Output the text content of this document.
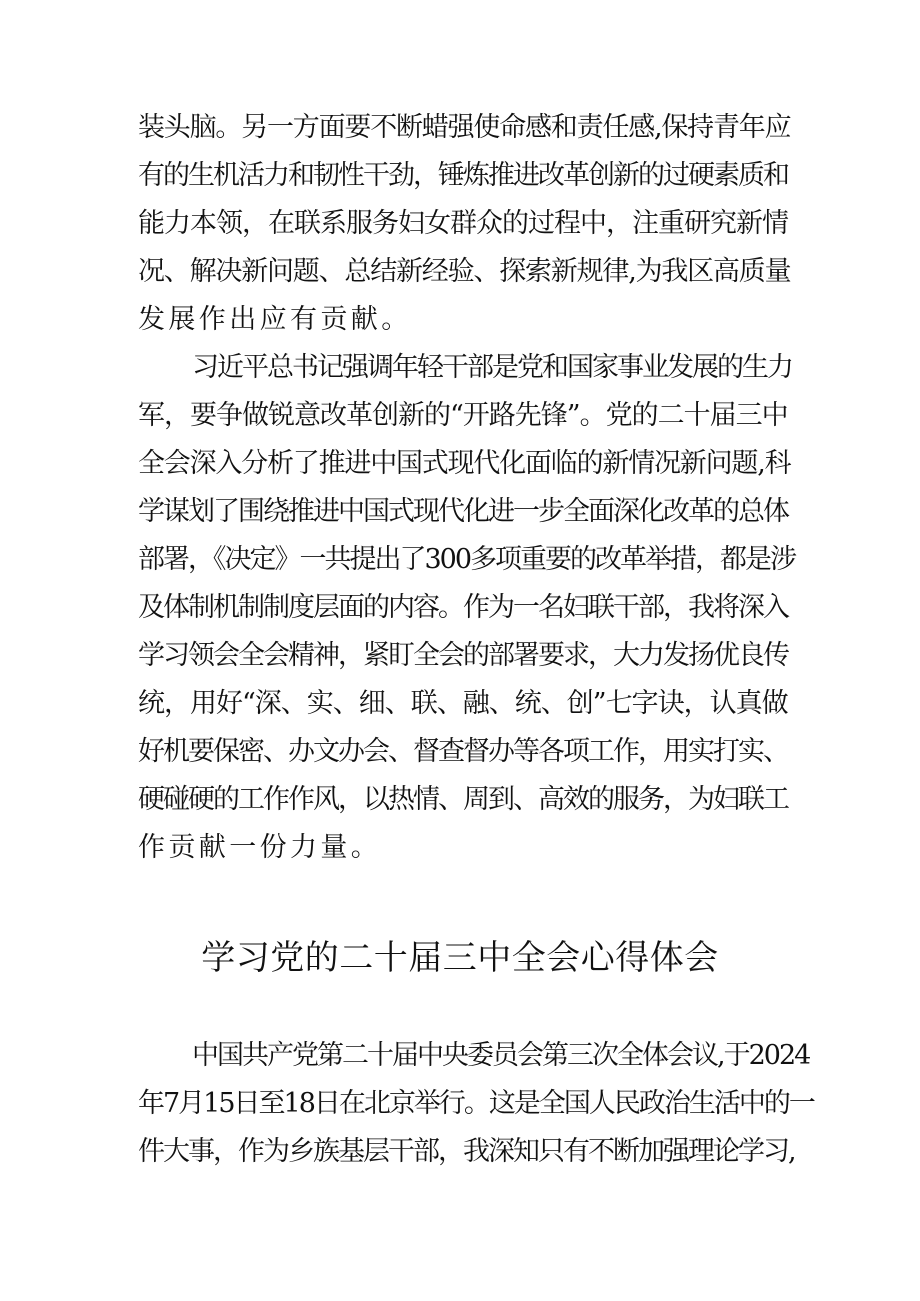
装头脑。另一方面要不断蜡强使命感和责任感,保持青年应
有的生机活力和韧性干劲，锤炼推进改革创新的过硬素质和
能力本领，在联系服务妇女群众的过程中，注重研究新情
况、解决新问题、总结新经验、探索新规律,为我区高质量
发展作出应有贡献。
习近平总书记强调年轻干部是党和国家事业发展的生力
军，要争做锐意改革创新的“开路先锋”。党的二十届三中
全会深入分析了推进中国式现代化面临的新情况新问题,科
学谋划了围绕推进中国式现代化进一步全面深化改革的总体
部署，《决定》一共提出了300多项重要的改革举措，都是涉
及体制机制制度层面的内容。作为一名妇联干部，我将深入
学习领会全会精神，紧盯全会的部署要求，大力发扬优良传
统，用好“深、实、细、联、融、统、创”七字诀，认真做
好机要保密、办文办会、督查督办等各项工作，用实打实、
硬碰硬的工作作风，以热情、周到、高效的服务，为妇联工
作贡献一份力量。
学习党的二十届三中全会心得体会
中国共产党第二十届中央委员会第三次全体会议,于2024
年7月15日至18日在北京举行。这是全国人民政治生活中的一
件大事，作为乡族基层干部，我深知只有不断加强理论学习,
